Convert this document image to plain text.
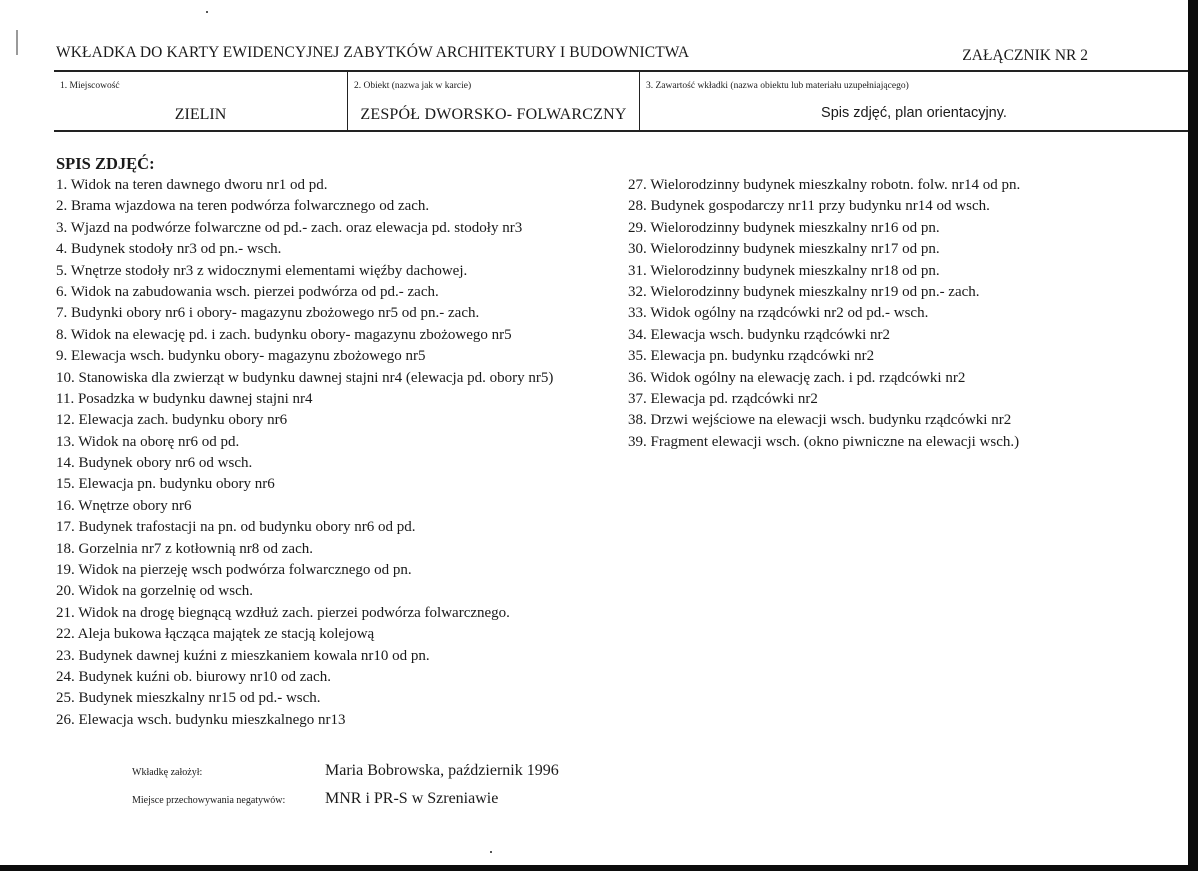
WKŁADKA DO KARTY EWIDENCYJNEJ ZABYTKÓW ARCHITEKTURY I BUDOWNICTWA	ZAŁĄCZNIK NR 2
1. Miejscowość
ZIELIN
2. Obiekt (nazwa jak w karcie)
ZESPÓŁ DWORSKO- FOLWARCZNY
3. Zawartość wkładki (nazwa obiektu lub materiału uzupełniającego)
Spis zdjęć, plan orientacyjny.
SPIS ZDJĘĆ:
1. Widok na teren dawnego dworu nr1 od pd.
2. Brama wjazdowa na teren podwórza folwarcznego od zach.
3. Wjazd na podwórze folwarczne od pd.- zach. oraz elewacja pd. stodoły nr3
4. Budynek stodoły nr3 od pn.- wsch.
5. Wnętrze stodoły nr3 z widocznymi elementami więźby dachowej.
6. Widok na zabudowania wsch. pierzei podwórza od pd.- zach.
7. Budynki obory nr6 i obory- magazynu zbożowego nr5 od pn.- zach.
8. Widok na elewację pd. i zach. budynku obory- magazynu zbożowego nr5
9. Elewacja wsch. budynku obory- magazynu zbożowego nr5
10. Stanowiska dla zwierząt w budynku dawnej stajni nr4 (elewacja pd. obory nr5)
11. Posadzka w budynku dawnej stajni nr4
12. Elewacja zach. budynku obory nr6
13. Widok na oborę nr6 od pd.
14. Budynek obory nr6 od wsch.
15. Elewacja pn. budynku obory nr6
16. Wnętrze obory nr6
17. Budynek trafostacji na pn. od budynku obory nr6 od pd.
18. Gorzelnia nr7 z kotłownią nr8 od zach.
19. Widok na pierzeję wsch podwórza folwarcznego od pn.
20. Widok na gorzelnię od wsch.
21. Widok na drogę biegnącą wzdłuż zach. pierzei podwórza folwarcznego.
22. Aleja bukowa łącząca majątek ze stacją kolejową
23. Budynek dawnej kuźni z mieszkaniem kowala nr10 od pn.
24. Budynek kuźni ob. biurowy nr10 od zach.
25. Budynek mieszkalny nr15 od pd.- wsch.
26. Elewacja wsch. budynku mieszkalnego nr13
27. Wielorodzinny budynek mieszkalny robotn. folw. nr14 od pn.
28. Budynek gospodarczy nr11 przy budynku nr14 od wsch.
29. Wielorodzinny budynek mieszkalny nr16 od pn.
30. Wielorodzinny budynek mieszkalny nr17 od pn.
31. Wielorodzinny budynek mieszkalny nr18 od pn.
32. Wielorodzinny budynek mieszkalny nr19 od pn.- zach.
33. Widok ogólny na rządcówki nr2 od pd.- wsch.
34. Elewacja wsch. budynku rządcówki nr2
35. Elewacja pn. budynku rządcówki nr2
36. Widok ogólny na elewację zach. i pd. rządcówki nr2
37. Elewacja pd. rządcówki nr2
38. Drzwi wejściowe na elewacji wsch. budynku rządcówki nr2
39. Fragment elewacji wsch. (okno piwniczne na elewacji wsch.)
Wkładkę założył:	Maria Bobrowska, październik 1996
Miejsce przechowywania negatywów: MNR i PR-S w Szreniawie
